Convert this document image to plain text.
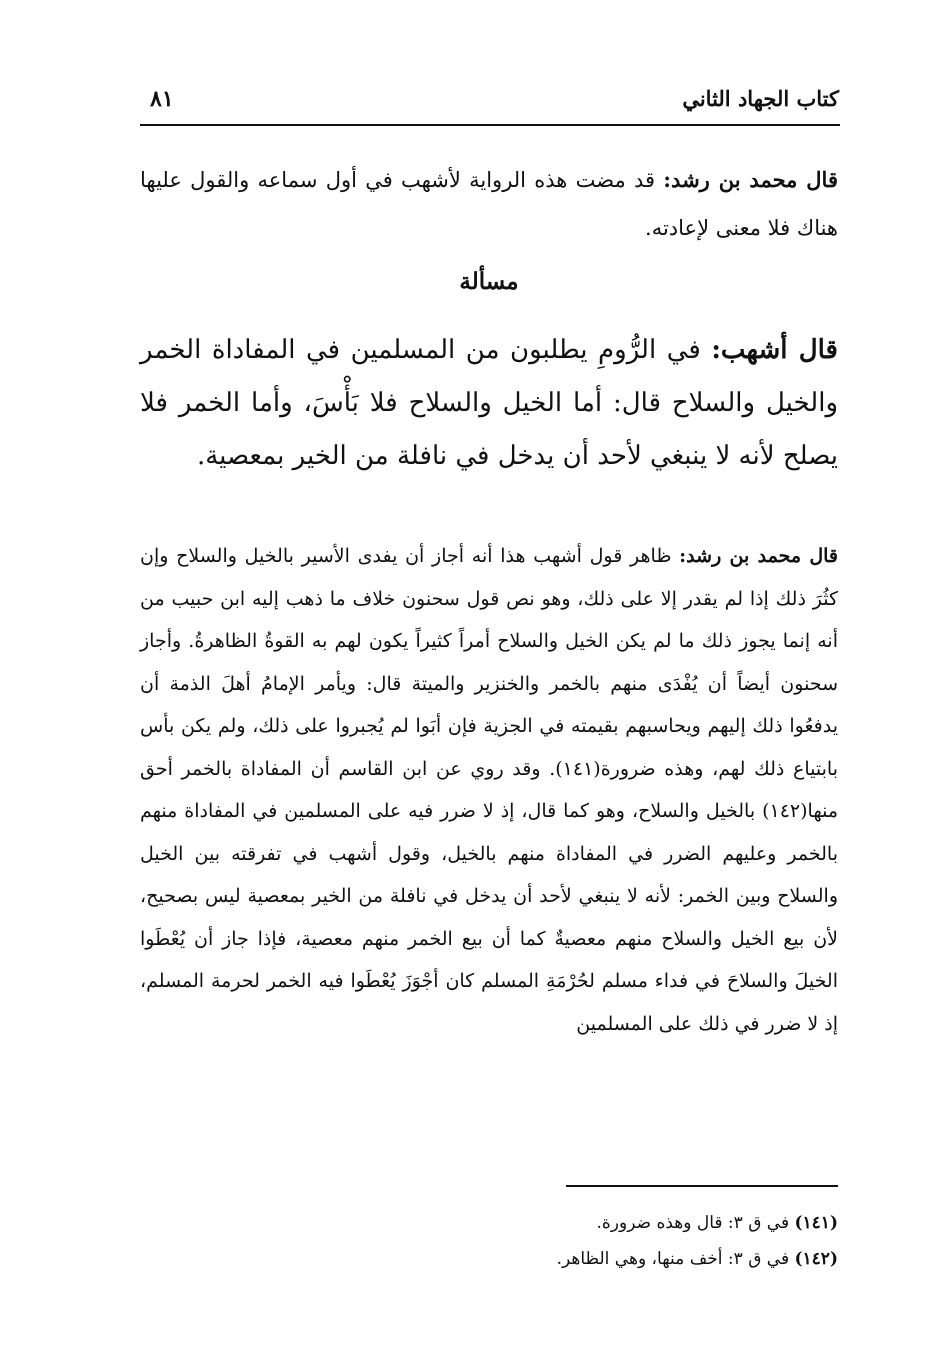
كتاب الجهاد الثاني
٨١
قال محمد بن رشد: قد مضت هذه الرواية لأشهب في أول سماعه والقول عليها هناك فلا معنى لإعادته.
مسألة
قال أشهب: في الرُّومِ يطلبون من المسلمين في المفاداة الخمر والخيل والسلاح قال: أما الخيل والسلاح فلا بَأْسَ، وأما الخمر فلا يصلح لأنه لا ينبغي لأحد أن يدخل في نافلة من الخير بمعصية.
قال محمد بن رشد: ظاهر قول أشهب هذا أنه أجاز أن يفدى الأسير بالخيل والسلاح وإن كثُرَ ذلك إذا لم يقدر إلا على ذلك، وهو نص قول سحنون خلاف ما ذهب إليه ابن حبيب من أنه إنما يجوز ذلك ما لم يكن الخيل والسلاح أمراً كثيراً يكون لهم به القوةُ الظاهرةُ. وأجاز سحنون أيضاً أن يُفْدَى منهم بالخمر والخنزير والميتة قال: ويأمر الإمامُ أهلَ الذمة أن يدفعُوا ذلك إليهم ويحاسبهم بقيمته في الجزية فإن أبَوا لم يُجبروا على ذلك، ولم يكن بأس بابتياع ذلك لهم، وهذه ضرورة(١٤١). وقد روي عن ابن القاسم أن المفاداة بالخمر أحق منها(١٤٢) بالخيل والسلاح، وهو كما قال، إذ لا ضرر فيه على المسلمين في المفاداة منهم بالخمر وعليهم الضرر في المفاداة منهم بالخيل، وقول أشهب في تفرقته بين الخيل والسلاح وبين الخمر: لأنه لا ينبغي لأحد أن يدخل في نافلة من الخير بمعصية ليس بصحيح، لأن بيع الخيل والسلاح منهم معصيةٌ كما أن بيع الخمر منهم معصية، فإذا جاز أن يُعْطَوا الخيلَ والسلاحَ في فداء مسلم لحُرْمَةِ المسلم كان أجْوَزَ يُعْطَوا فيه الخمر لحرمة المسلم، إذ لا ضرر في ذلك على المسلمين
(١٤١) في ق ٣: قال وهذه ضرورة.
(١٤٢) في ق ٣: أخف منها، وهي الظاهر.
